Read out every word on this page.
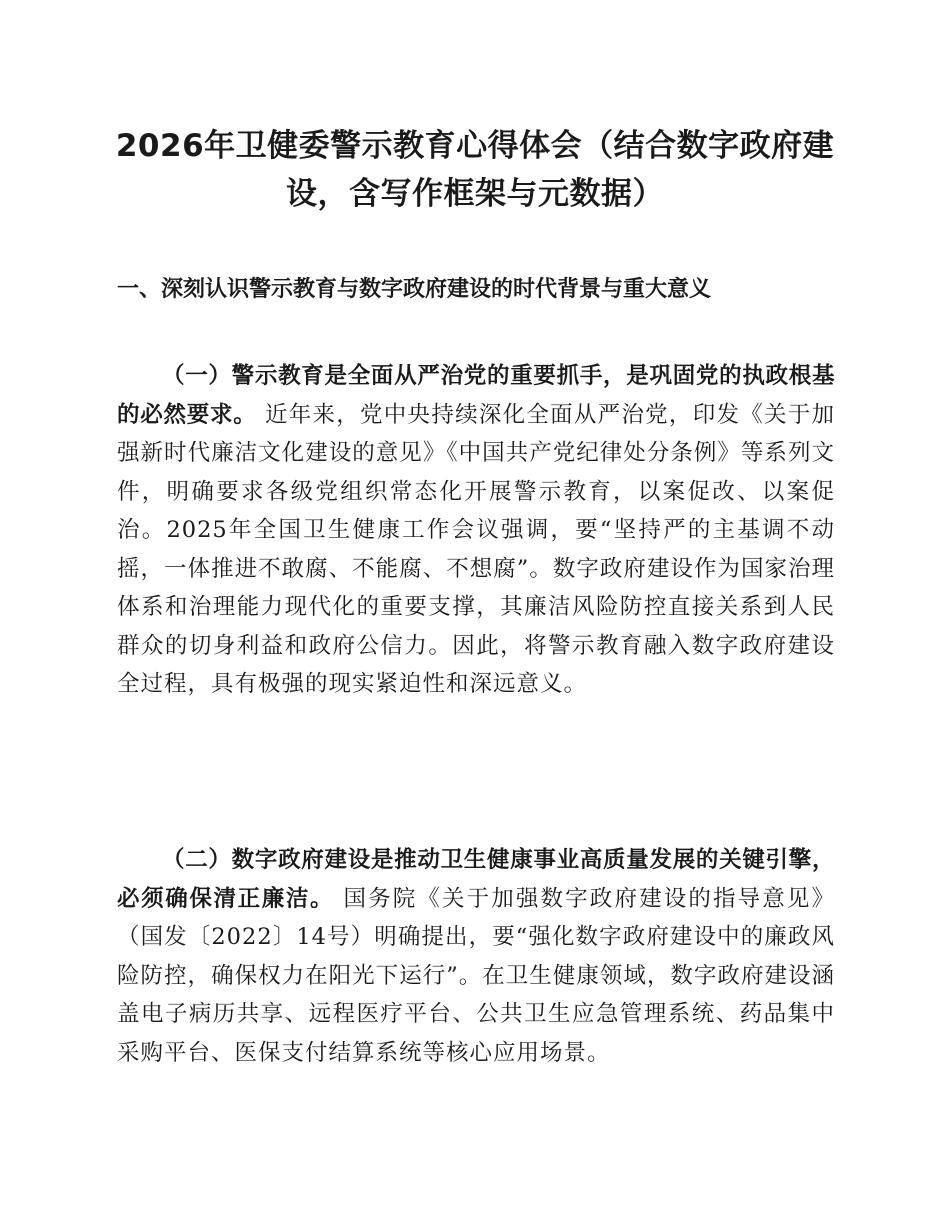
2026年卫健委警示教育心得体会（结合数字政府建设，含写作框架与元数据）
一、深刻认识警示教育与数字政府建设的时代背景与重大意义

（一）警示教育是全面从严治党的重要抓手，是巩固党的执政根基的必然要求。 近年来，党中央持续深化全面从严治党，印发《关于加强新时代廉洁文化建设的意见》《中国共产党纪律处分条例》等系列文件，明确要求各级党组织常态化开展警示教育，以案促改、以案促治。2025年全国卫生健康工作会议强调，要“坚持严的主基调不动摇，一体推进不敢腐、不能腐、不想腐”。数字政府建设作为国家治理体系和治理能力现代化的重要支撑，其廉洁风险防控直接关系到人民群众的切身利益和政府公信力。因此，将警示教育融入数字政府建设全过程，具有极强的现实紧迫性和深远意义。

（二）数字政府建设是推动卫生健康事业高质量发展的关键引擎，必须确保清正廉洁。 国务院《关于加强数字政府建设的指导意见》（国发〔2022〕14号）明确提出，要“强化数字政府建设中的廉政风险防控，确保权力在阳光下运行”。在卫生健康领域，数字政府建设涵盖电子病历共享、远程医疗平台、公共卫生应急管理系统、药品集中采购平台、医保支付结算系统等核心应用场景。
